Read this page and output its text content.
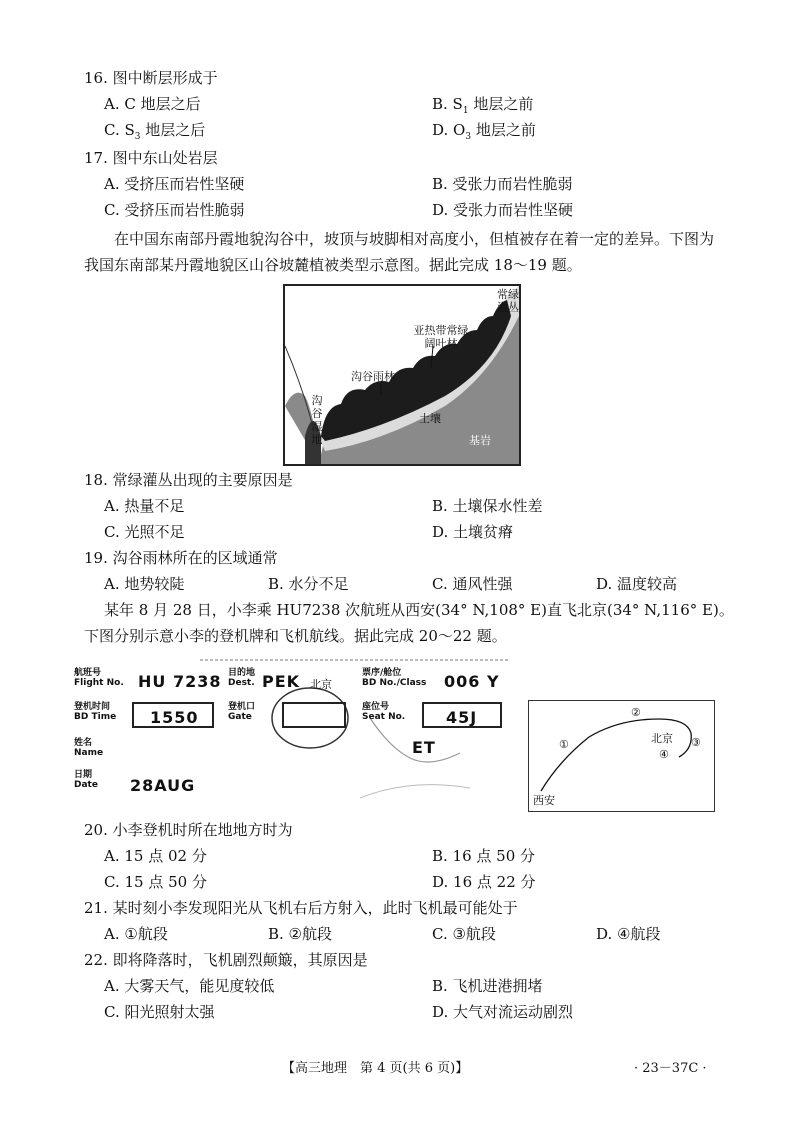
16. 图中断层形成于
A. C 地层之后	B. $S_1$ 地层之前
C. $S_3$ 地层之后	D. $O_3$ 地层之前
17. 图中东山处岩层
A. 受挤压而岩性坚硬	B. 受张力而岩性脆弱
C. 受挤压而岩性脆弱	D. 受张力而岩性坚硬
在中国东南部丹霞地貌沟谷中，坡顶与坡脚相对高度小，但植被存在着一定的差异。下图为我国东南部某丹霞地貌区山谷坡麓植被类型示意图。据此完成 18～19 题。
常绿灌丛
亚热带常绿阔叶林
沟谷雨林
沟谷湿地
土壤
基岩
18. 常绿灌丛出现的主要原因是
A. 热量不足	B. 土壤保水性差
C. 光照不足	D. 土壤贫瘠
19. 沟谷雨林所在的区域通常
A. 地势较陡	B. 水分不足	C. 通风性强	D. 温度较高
某年 8 月 28 日，小李乘 HU7238 次航班从西安(34° N,108° E)直飞北京(34° N,116° E)。
下图分别示意小李的登机牌和飞机航线。据此完成 20～22 题。
航班号
Flight No. HU 7238 目的地
Dest. PEK 北京
票序/舱位
BD No./Class 006 Y
登机时间
BD Time 1550
登机口
Gate
座位号
Seat No.	45J
姓名
Name	ET
日期
Date 28AUG
①
②
③
北京
④
西安
20. 小李登机时所在地地方时为
A. 15 点 02 分	B. 16 点 50 分
C. 15 点 50 分	D. 16 点 22 分
21. 某时刻小李发现阳光从飞机右后方射入，此时飞机最可能处于
A. ①航段	B. ②航段	C. ③航段	D. ④航段
22. 即将降落时，飞机剧烈颠簸，其原因是
A. 大雾天气，能见度较低	B. 飞机进港拥堵
C. 阳光照射太强	D. 大气对流运动剧烈
【高三地理　第 4 页(共 6 页)】	· 23－37C ·
